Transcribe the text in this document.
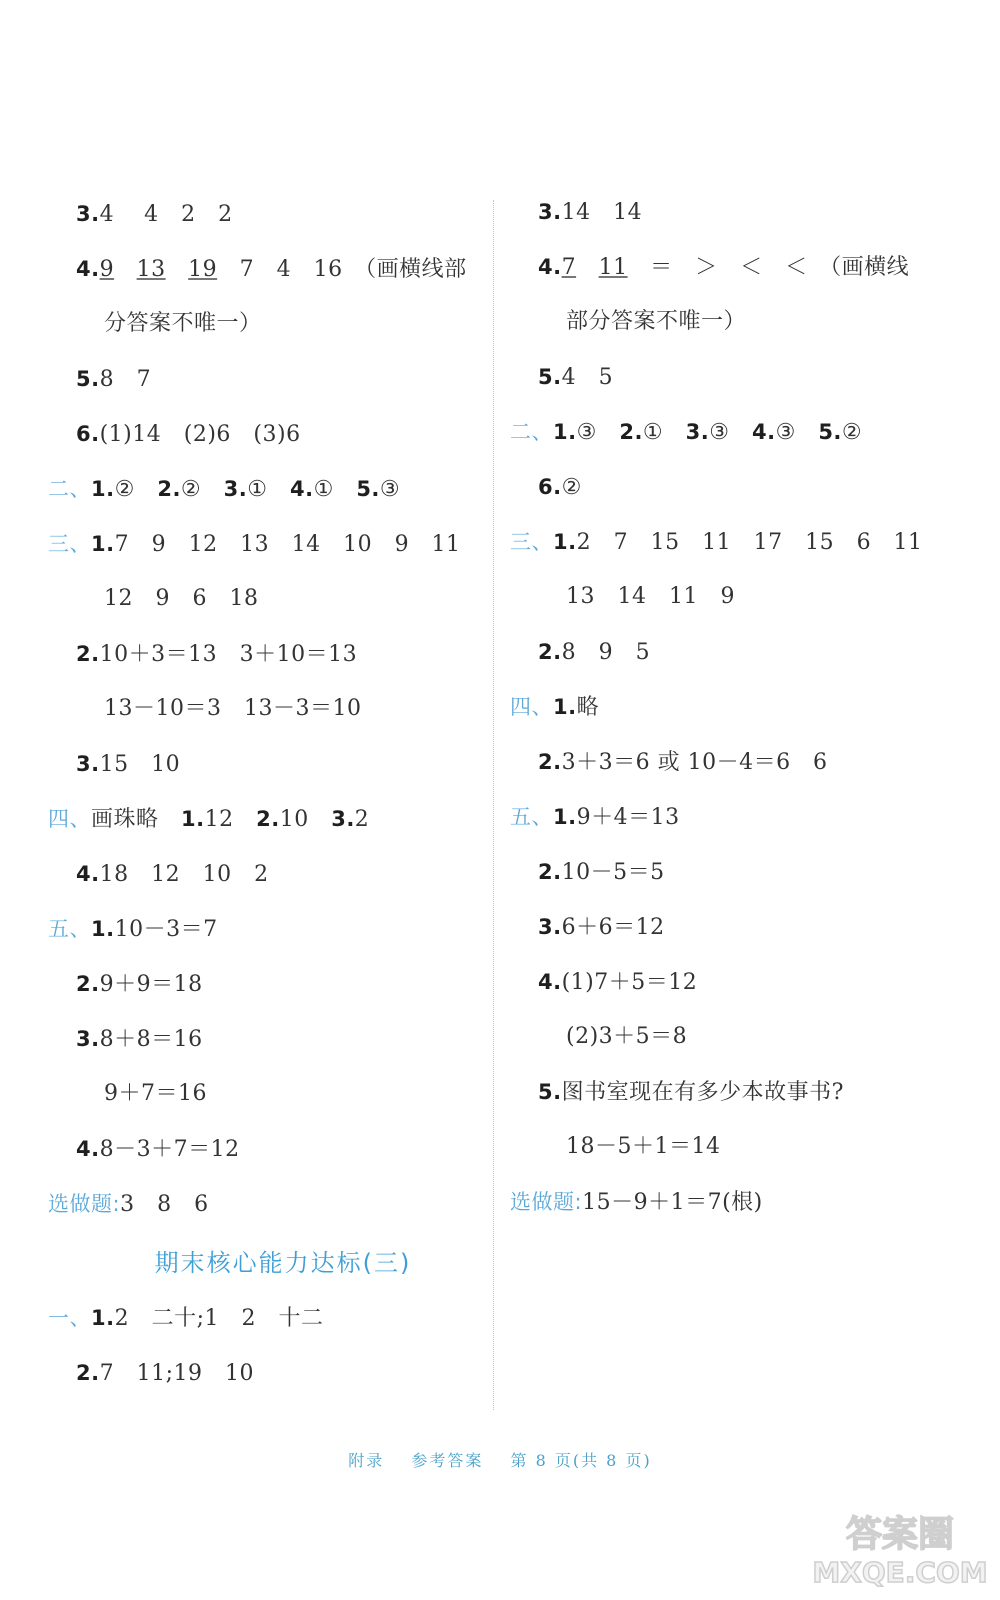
3.4　 4　2　2
4.9　 13　 19　7　4　16　（画横线部
分答案不唯一）
5.8　7
6.(1)14　(2)6　(3)6
二、1.②　2.②　3.①　4.①　5.③
三、1.7　9　12　13　14　10　9　11
12　9　6　18
2.10＋3＝13　3＋10＝13
13－10＝3　13－3＝10
3.15　10
四、画珠略　1.12　2.10　3.2
4.18　12　10　2
五、1.10－3＝7
2.9＋9＝18
3.8＋8＝16
9＋7＝16
4.8－3＋7＝12
选做题:3　8　6
期末核心能力达标(三)
一、1.2　二十;1　2　十二
2.7　11;19　10
3.14　14
4.7　 11　＝　＞　＜　＜　（画横线
部分答案不唯一）
5.4　5
二、1.③　2.①　3.③　4.③　5.②
6.②
三、1.2　7　15　11　17　15　6　11
13　14　11　9
2.8　9　5
四、1.略
2.3＋3＝6 或 10－4＝6　6
五、1.9＋4＝13
2.10－5＝5
3.6＋6＝12
4.(1)7＋5＝12
(2)3＋5＝8
5.图书室现在有多少本故事书?
18－5＋1＝14
选做题:15－9＋1＝7(根)
附录 参考答案 第 8 页(共 8 页)
答案圈
MXQE.COM
